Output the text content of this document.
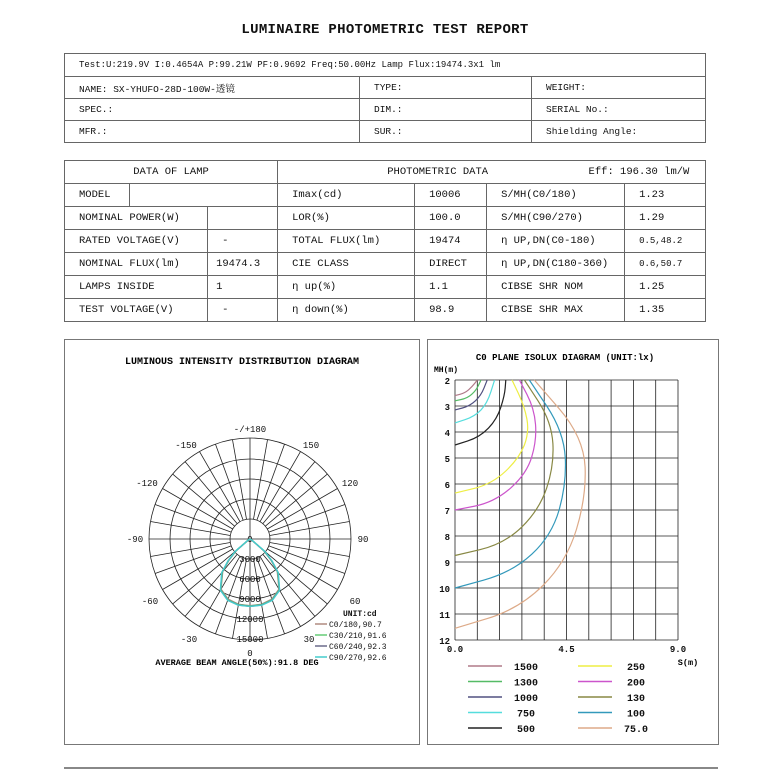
LUMINAIRE PHOTOMETRIC TEST REPORT
Test:U:219.9V I:0.4654A P:99.21W PF:0.9692 Freq:50.00Hz Lamp Flux:19474.3x1 lm		
NAME: SX-YHUFO-28D-100W-透镜	TYPE:	WEIGHT:
SPEC.:	DIM.:	SERIAL No.:
MFR.:	SUR.:	Shielding Angle:
DATA OF LAMP			PHOTOMETRIC DATA Eff: 196.30 lm/W			
MODEL			Imax(cd)	10006	S/MH(C0/180)	1.23
NOMINAL POWER(W)			LOR(%)	100.0	S/MH(C90/270)	1.29
RATED VOLTAGE(V)		-	TOTAL FLUX(lm)	19474	η UP,DN(C0-180)	0.5,48.2
NOMINAL FLUX(lm)		19474.3	CIE CLASS	DIRECT	η UP,DN(C180-360)	0.6,50.7
LAMPS INSIDE		1	η up(%)	1.1	CIBSE SHR NOM	1.25
TEST VOLTAGE(V)		-	η down(%)	98.9	CIBSE SHR MAX	1.35
LUMINOUS INTENSITY DISTRIBUTION DIAGRAM
-/+180
-150	150
-120	120
-90	90
-60	60
-30	30
0
0
3000
6000
9000
12000
15000
UNIT:cd
C0/180,90.7
C30/210,91.6
C60/240,92.3
C90/270,92.6
AVERAGE BEAM ANGLE(50%):91.8 DEG
C0 PLANE ISOLUX DIAGRAM (UNIT:lx)
MH(m)
2
3
4
5
6
7
8
9
10
11
12
0.0	4.5	9.0
S(m)
1500
1300
1000
750
500
250
200
130
100
75.0
